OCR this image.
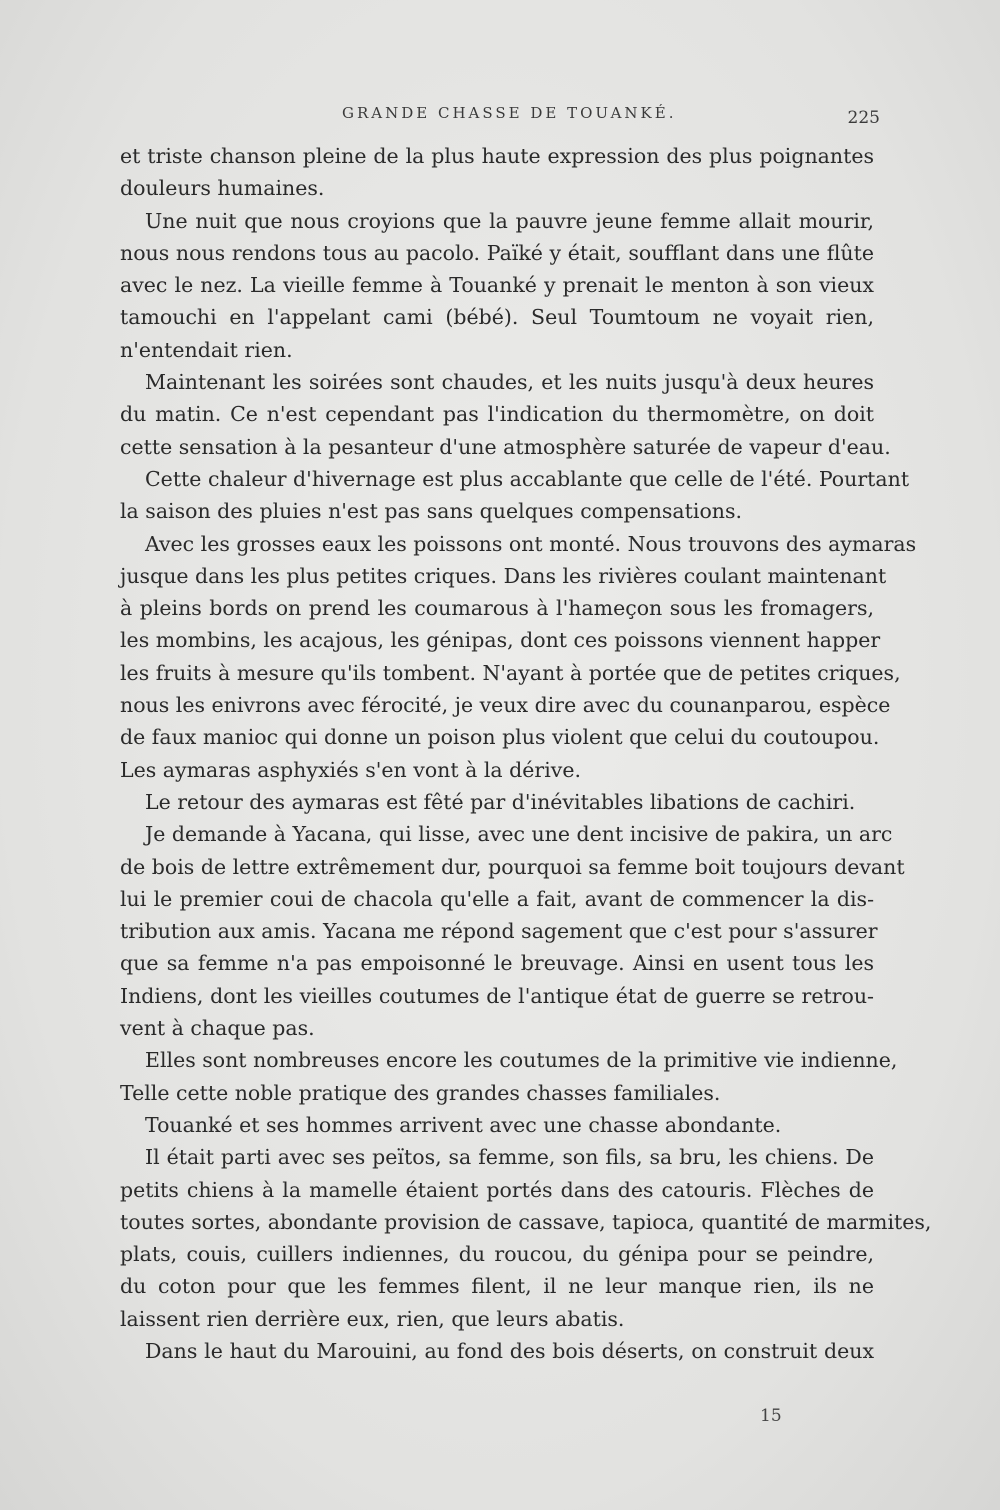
GRANDE CHASSE DE TOUANKÉ.	225
et triste chanson pleine de la plus haute expression des plus poignantes
douleurs humaines.
Une nuit que nous croyions que la pauvre jeune femme allait mourir,
nous nous rendons tous au pacolo. Païké y était, soufflant dans une flûte
avec le nez. La vieille femme à Touanké y prenait le menton à son vieux
tamouchi en l'appelant cami (bébé). Seul Toumtoum ne voyait rien,
n'entendait rien.
Maintenant les soirées sont chaudes, et les nuits jusqu'à deux heures
du matin. Ce n'est cependant pas l'indication du thermomètre, on doit
cette sensation à la pesanteur d'une atmosphère saturée de vapeur d'eau.
Cette chaleur d'hivernage est plus accablante que celle de l'été. Pourtant
la saison des pluies n'est pas sans quelques compensations.
Avec les grosses eaux les poissons ont monté. Nous trouvons des aymaras
jusque dans les plus petites criques. Dans les rivières coulant maintenant
à pleins bords on prend les coumarous à l'hameçon sous les fromagers,
les mombins, les acajous, les génipas, dont ces poissons viennent happer
les fruits à mesure qu'ils tombent. N'ayant à portée que de petites criques,
nous les enivrons avec férocité, je veux dire avec du counanparou, espèce
de faux manioc qui donne un poison plus violent que celui du coutoupou.
Les aymaras asphyxiés s'en vont à la dérive.
Le retour des aymaras est fêté par d'inévitables libations de cachiri.
Je demande à Yacana, qui lisse, avec une dent incisive de pakira, un arc
de bois de lettre extrêmement dur, pourquoi sa femme boit toujours devant
lui le premier coui de chacola qu'elle a fait, avant de commencer la dis-
tribution aux amis. Yacana me répond sagement que c'est pour s'assurer
que sa femme n'a pas empoisonné le breuvage. Ainsi en usent tous les
Indiens, dont les vieilles coutumes de l'antique état de guerre se retrou-
vent à chaque pas.
Elles sont nombreuses encore les coutumes de la primitive vie indienne,
Telle cette noble pratique des grandes chasses familiales.
Touanké et ses hommes arrivent avec une chasse abondante.
Il était parti avec ses peïtos, sa femme, son fils, sa bru, les chiens. De
petits chiens à la mamelle étaient portés dans des catouris. Flèches de
toutes sortes, abondante provision de cassave, tapioca, quantité de marmites,
plats, couis, cuillers indiennes, du roucou, du génipa pour se peindre,
du coton pour que les femmes filent, il ne leur manque rien, ils ne
laissent rien derrière eux, rien, que leurs abatis.
Dans le haut du Marouini, au fond des bois déserts, on construit deux
15
